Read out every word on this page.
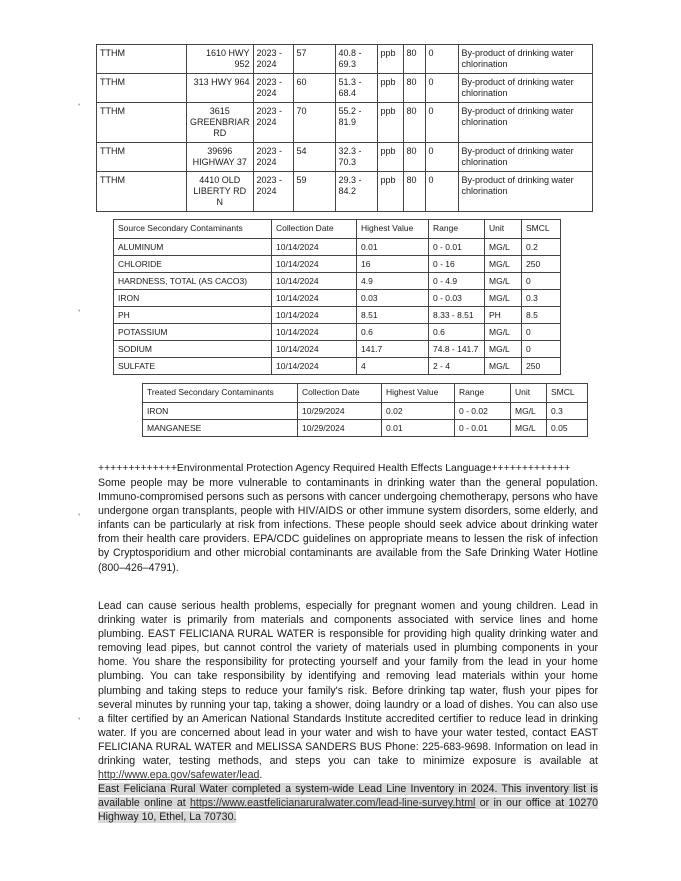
TTHM	1610 HWY 952	2023 - 2024	57	40.8 - 69.3	ppb	80	0	By-product of drinking water chlorination
TTHM	313 HWY 964	2023 - 2024	60	51.3 - 68.4	ppb	80	0	By-product of drinking water chlorination
TTHM	3615 GREENBRIAR RD	2023 - 2024	70	55.2 - 81.9	ppb	80	0	By-product of drinking water chlorination
TTHM	39696 HIGHWAY 37	2023 - 2024	54	32.3 - 70.3	ppb	80	0	By-product of drinking water chlorination
TTHM	4410 OLD LIBERTY RD N	2023 - 2024	59	29.3 - 84.2	ppb	80	0	By-product of drinking water chlorination
Source Secondary Contaminants	Collection Date	Highest Value	Range	Unit	SMCL
ALUMINUM	10/14/2024	0.01	0 - 0.01	MG/L	0.2
CHLORIDE	10/14/2024	16	0 - 16	MG/L	250
HARDNESS, TOTAL (AS CACO3)	10/14/2024	4.9	0 - 4.9	MG/L	0
IRON	10/14/2024	0.03	0 - 0.03	MG/L	0.3
PH	10/14/2024	8.51	8.33 - 8.51	PH	8.5
POTASSIUM	10/14/2024	0.6	0.6	MG/L	0
SODIUM	10/14/2024	141.7	74.8 - 141.7	MG/L	0
SULFATE	10/14/2024	4	2 - 4	MG/L	250
Treated Secondary Contaminants	Collection Date	Highest Value	Range	Unit	SMCL
IRON	10/29/2024	0.02	0 - 0.02	MG/L	0.3
MANGANESE	10/29/2024	0.01	0 - 0.01	MG/L	0.05
+++++++++++++Environmental Protection Agency Required Health Effects Language+++++++++++++
Some people may be more vulnerable to contaminants in drinking water than the general population. Immuno-compromised persons such as persons with cancer undergoing chemotherapy, persons who have undergone organ transplants, people with HIV/AIDS or other immune system disorders, some elderly, and infants can be particularly at risk from infections. These people should seek advice about drinking water from their health care providers. EPA/CDC guidelines on appropriate means to lessen the risk of infection by Cryptosporidium and other microbial contaminants are available from the Safe Drinking Water Hotline (800–426–4791).
Lead can cause serious health problems, especially for pregnant women and young children. Lead in drinking water is primarily from materials and components associated with service lines and home plumbing. EAST FELICIANA RURAL WATER is responsible for providing high quality drinking water and removing lead pipes, but cannot control the variety of materials used in plumbing components in your home. You share the responsibility for protecting yourself and your family from the lead in your home plumbing. You can take responsibility by identifying and removing lead materials within your home plumbing and taking steps to reduce your family's risk. Before drinking tap water, flush your pipes for several minutes by running your tap, taking a shower, doing laundry or a load of dishes. You can also use a filter certified by an American National Standards Institute accredited certifier to reduce lead in drinking water. If you are concerned about lead in your water and wish to have your water tested, contact EAST FELICIANA RURAL WATER and MELISSA SANDERS BUS Phone: 225-683-9698. Information on lead in drinking water, testing methods, and steps you can take to minimize exposure is available at http://www.epa.gov/safewater/lead.
East Feliciana Rural Water completed a system-wide Lead Line Inventory in 2024. This inventory list is available online at https://www.eastfelicianaruralwater.com/lead-line-survey.html or in our office at 10270 Highway 10, Ethel, La 70730.
•
•
•
•
